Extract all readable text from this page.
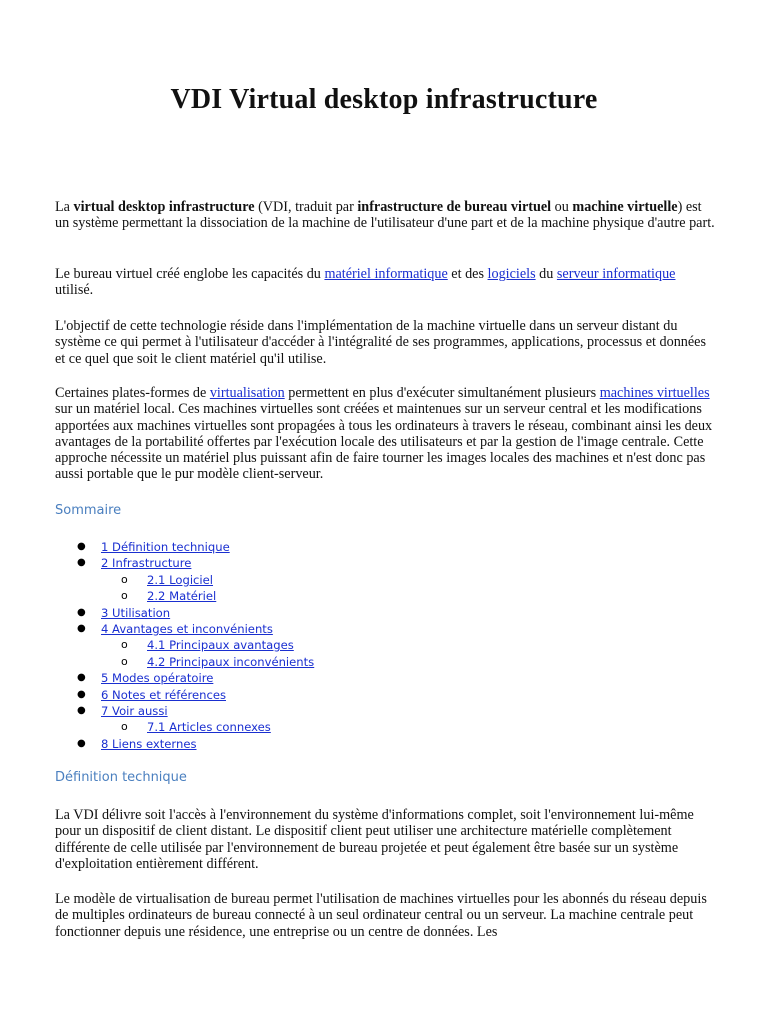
VDI Virtual desktop infrastructure

La virtual desktop infrastructure (VDI, traduit par infrastructure de bureau virtuel ou machine virtuelle) est un système permettant la dissociation de la machine de l'utilisateur d'une part et de la machine physique d'autre part.

Le bureau virtuel créé englobe les capacités du matériel informatique et des logiciels du serveur informatique utilisé.

L'objectif de cette technologie réside dans l'implémentation de la machine virtuelle dans un serveur distant du système ce qui permet à l'utilisateur d'accéder à l'intégralité de ses programmes, applications, processus et données et ce quel que soit le client matériel qu'il utilise.

Certaines plates-formes de virtualisation permettent en plus d'exécuter simultanément plusieurs machines virtuelles sur un matériel local. Ces machines virtuelles sont créées et maintenues sur un serveur central et les modifications apportées aux machines virtuelles sont propagées à tous les ordinateurs à travers le réseau, combinant ainsi les deux avantages de la portabilité offertes par l'exécution locale des utilisateurs et par la gestion de l'image centrale. Cette approche nécessite un matériel plus puissant afin de faire tourner les images locales des machines et n'est donc pas aussi portable que le pur modèle client-serveur.

Sommaire
● 1 Définition technique
● 2 Infrastructure
o 2.1 Logiciel
o 2.2 Matériel
● 3 Utilisation
● 4 Avantages et inconvénients
o 4.1 Principaux avantages
o 4.2 Principaux inconvénients
● 5 Modes opératoire
● 6 Notes et références
● 7 Voir aussi
o 7.1 Articles connexes
● 8 Liens externes
Définition technique

La VDI délivre soit l'accès à l'environnement du système d'informations complet, soit l'environnement lui-même pour un dispositif de client distant. Le dispositif client peut utiliser une architecture matérielle complètement différente de celle utilisée par l'environnement de bureau projetée et peut également être basée sur un système d'exploitation entièrement différent.

Le modèle de virtualisation de bureau permet l'utilisation de machines virtuelles pour les abonnés du réseau depuis de multiples ordinateurs de bureau connecté à un seul ordinateur central ou un serveur. La machine centrale peut fonctionner depuis une résidence, une entreprise ou un centre de données. Les
